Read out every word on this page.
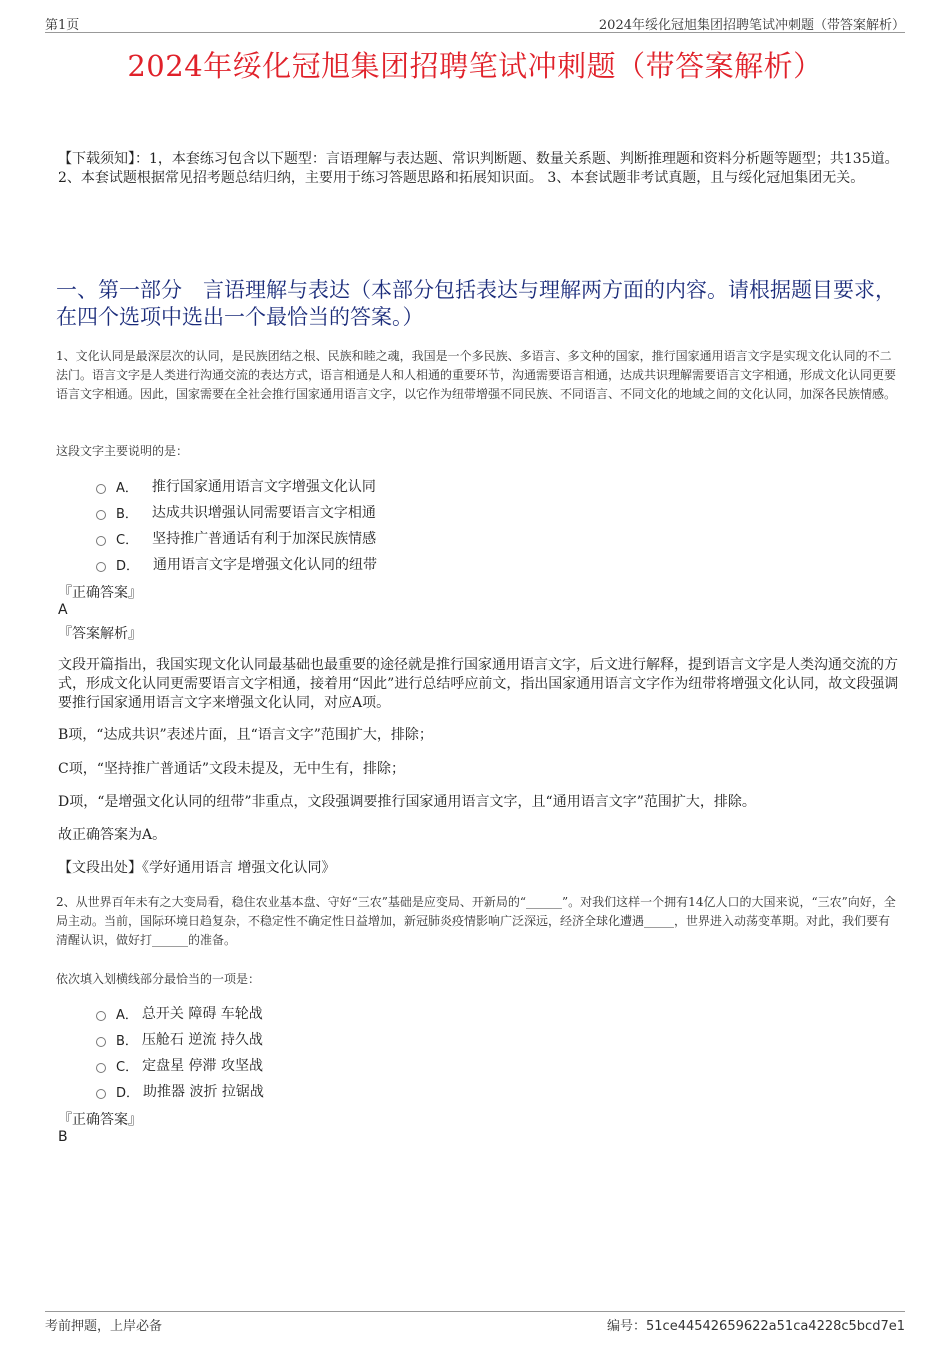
第1页	2024年绥化冠旭集团招聘笔试冲刺题（带答案解析）
2024年绥化冠旭集团招聘笔试冲刺题（带答案解析）
【下载须知】：1，本套练习包含以下题型：言语理解与表达题、常识判断题、数量关系题、判断推理题和资料分析题等题型；共135道。 2、本套试题根据常见招考题总结归纳，主要用于练习答题思路和拓展知识面。 3、本套试题非考试真题，且与绥化冠旭集团无关。
一、第一部分　言语理解与表达（本部分包括表达与理解两方面的内容。请根据题目要求，在四个选项中选出一个最恰当的答案。）
1、文化认同是最深层次的认同，是民族团结之根、民族和睦之魂，我国是一个多民族、多语言、多文种的国家，推行国家通用语言文字是实现文化认同的不二法门。语言文字是人类进行沟通交流的表达方式，语言相通是人和人相通的重要环节，沟通需要语言相通，达成共识理解需要语言文字相通，形成文化认同更要语言文字相通。因此，国家需要在全社会推行国家通用语言文字，以它作为纽带增强不同民族、不同语言、不同文化的地域之间的文化认同，加深各民族情感。
这段文字主要说明的是：
A． 推行国家通用语言文字增强文化认同
B． 达成共识增强认同需要语言文字相通
C． 坚持推广普通话有利于加深民族情感
D． 通用语言文字是增强文化认同的纽带
『正确答案』
A
『答案解析』
文段开篇指出，我国实现文化认同最基础也最重要的途径就是推行国家通用语言文字，后文进行解释，提到语言文字是人类沟通交流的方式，形成文化认同更需要语言文字相通，接着用“因此”进行总结呼应前文，指出国家通用语言文字作为纽带将增强文化认同，故文段强调要推行国家通用语言文字来增强文化认同，对应A项。
B项，“达成共识”表述片面，且“语言文字”范围扩大，排除；
C项，“坚持推广普通话”文段未提及，无中生有，排除；
D项，“是增强文化认同的纽带”非重点，文段强调要推行国家通用语言文字，且“通用语言文字”范围扩大，排除。
故正确答案为A。
【文段出处】《学好通用语言 增强文化认同》
2、从世界百年未有之大变局看，稳住农业基本盘、守好“三农”基础是应变局、开新局的“______”。对我们这样一个拥有14亿人口的大国来说，“三农”向好，全局主动。当前，国际环境日趋复杂，不稳定性不确定性日益增加，新冠肺炎疫情影响广泛深远，经济全球化遭遇_____，世界进入动荡变革期。对此，我们要有清醒认识，做好打______的准备。
依次填入划横线部分最恰当的一项是：
A． 总开关 障碍 车轮战
B． 压舱石 逆流 持久战
C． 定盘星 停滞 攻坚战
D． 助推器 波折 拉锯战
『正确答案』
B
考前押题，上岸必备	编号：51ce44542659622a51ca4228c5bcd7e1
